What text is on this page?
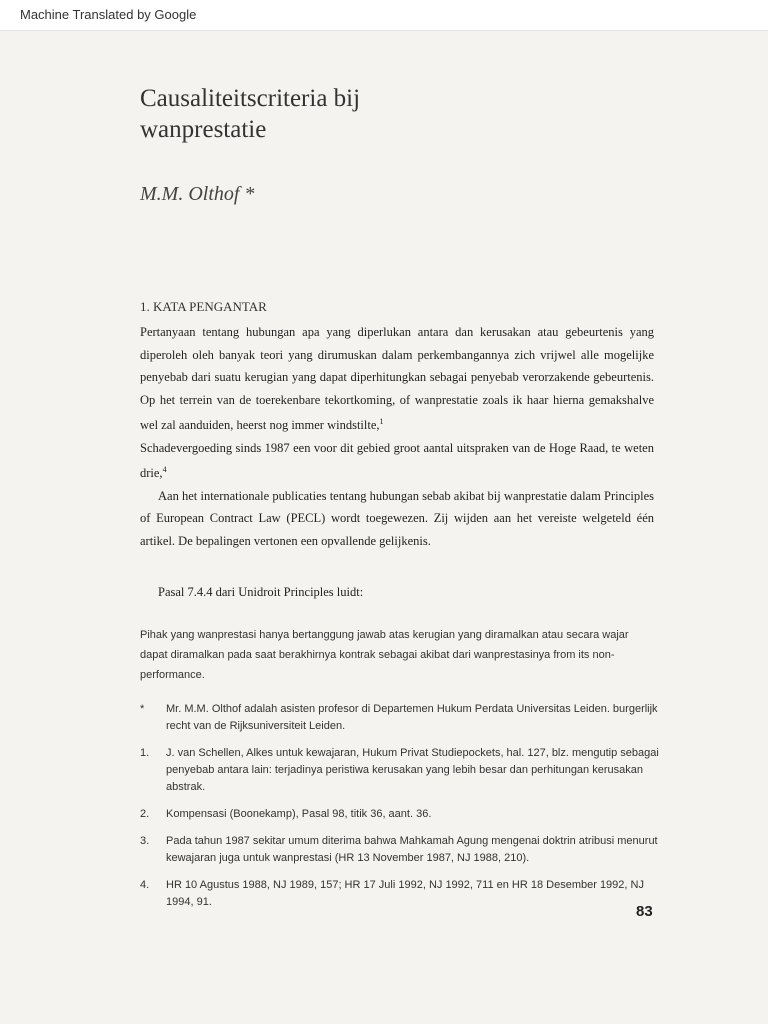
Machine Translated by Google
Causaliteitscriteria bij
wanprestatie
M.M. Olthof *
1. KATA PENGANTAR

Pertanyaan tentang hubungan apa yang diperlukan antara dan kerusakan atau gebeurtenis yang diperoleh oleh banyak teori yang dirumuskan dalam perkembangannya zich vrijwel alle mogelijke penyebab dari suatu kerugian yang dapat diperhitungkan sebagai penyebab verorzakende gebeurtenis. Op het terrein van de toerekenbare tekortkoming, of wanprestatie zoals ik haar hierna gemakshalve wel zal aanduiden, heerst nog immer windstilte,$^1$

Schadevergoeding sinds 1987 een voor dit gebied groot aantal uitspraken van de Hoge Raad, te weten drie,$^4$

Aan het internationale publicaties tentang hubungan sebab akibat bij wanprestatie dalam Principles of European Contract Law (PECL) wordt toegewezen. Zij wijden aan het vereiste welgeteld één artikel. De bepalingen vertonen een opvallende gelijkenis.

Pasal 7.4.4 dari Unidroit Principles luidt:
Pihak yang wanprestasi hanya bertanggung jawab atas kerugian yang diramalkan atau secara wajar dapat diramalkan pada saat berakhirnya kontrak sebagai akibat dari wanprestasinya from its non-performance.
* Mr. M.M. Olthof adalah asisten profesor di Departemen Hukum Perdata Universitas Leiden. burgerlijk recht van de Rijksuniversiteit Leiden.
1. J. van Schellen, Alkes untuk kewajaran, Hukum Privat Studiepockets, hal. 127, blz. mengutip sebagai penyebab antara lain: terjadinya peristiwa kerusakan yang lebih besar dan perhitungan kerusakan abstrak.
2. Kompensasi (Boonekamp), Pasal 98, titik 36, aant. 36.
3. Pada tahun 1987 sekitar umum diterima bahwa Mahkamah Agung mengenai doktrin atribusi menurut kewajaran juga untuk wanprestasi (HR 13 November 1987, NJ 1988, 210).
4. HR 10 Agustus 1988, NJ 1989, 157; HR 17 Juli 1992, NJ 1992, 711 en HR 18 Desember 1992, NJ 1994, 91.
83
